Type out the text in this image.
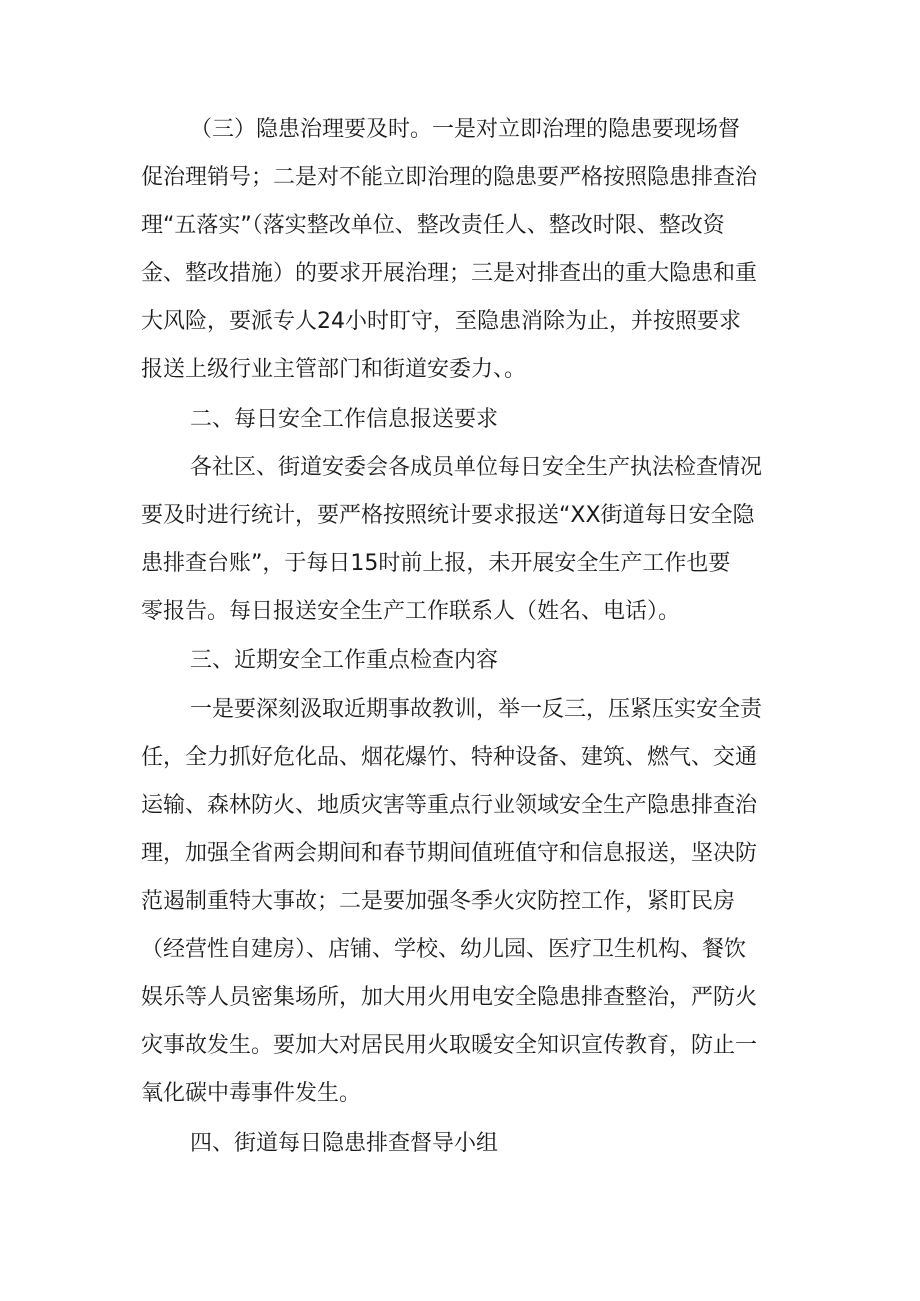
（三）隐患治理要及时。一是对立即治理的隐患要现场督
促治理销号；二是对不能立即治理的隐患要严格按照隐患排查治
理“五落实”（落实整改单位、整改责任人、整改时限、整改资
金、整改措施）的要求开展治理；三是对排查出的重大隐患和重
大风险，要派专人24小时盯守，至隐患消除为止，并按照要求
报送上级行业主管部门和街道安委力、。
二、每日安全工作信息报送要求
各社区、街道安委会各成员单位每日安全生产执法检查情况
要及时进行统计，要严格按照统计要求报送“XX街道每日安全隐
患排查台账”，于每日15时前上报，未开展安全生产工作也要
零报告。每日报送安全生产工作联系人（姓名、电话）。
三、近期安全工作重点检查内容
一是要深刻汲取近期事故教训，举一反三，压紧压实安全责
任，全力抓好危化品、烟花爆竹、特种设备、建筑、燃气、交通
运输、森林防火、地质灾害等重点行业领域安全生产隐患排查治
理，加强全省两会期间和春节期间值班值守和信息报送，坚决防
范遏制重特大事故；二是要加强冬季火灾防控工作，紧盯民房
（经营性自建房）、店铺、学校、幼儿园、医疗卫生机构、餐饮
娱乐等人员密集场所，加大用火用电安全隐患排查整治，严防火
灾事故发生。要加大对居民用火取暖安全知识宣传教育，防止一
氧化碳中毒事件发生。
四、街道每日隐患排查督导小组
